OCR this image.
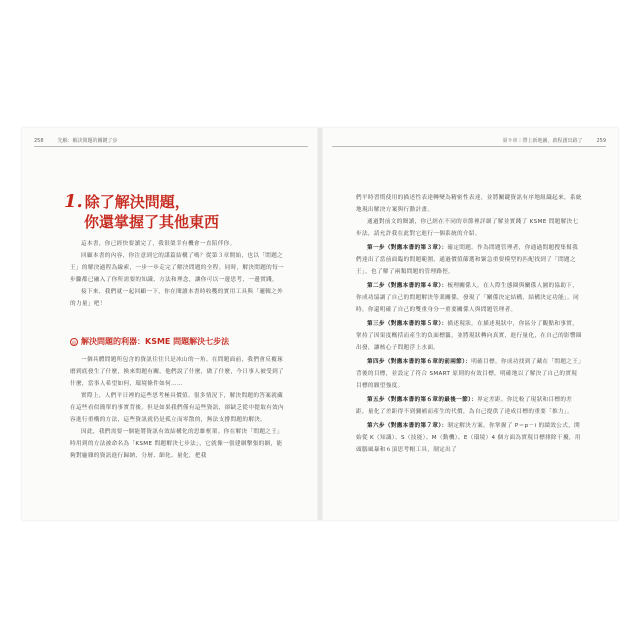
258	先解：解決問題的關鍵了步
1. 除了解決問題，
你還掌握了其他東西

這本書，你已經快要讀完了，我很榮幸有機會一直陪伴你。

回顧本書的內容，你注意到它的謀篇結構了嗎？從第３章開始，也以「問題之王」的解決過程為線索，一步一步走完了解決問題的全程。同時，解決問題的每一步驟都已融入了你所需要的知識、方法和理念，讓你可以一邊思考，一邊實踐。

接下來，我們就一起回顧一下，你在閱讀本書時收穫的實用工具與「邏輯之外的力量」吧！

◎ 解決問題的利器：KSME 問題解決七步法

一個具體問題所包含的資訊往往只是冰山的一角。在問題面前，我們會反覆琢磨到底發生了什麼，換來問題有關，他們說了什麼，做了什麼，今日事人被受到了什麼，當事人希望如何，環境條件如何……

實際上，人們平日裡的這些思考極具價值。很多情況下，解決問題的答案就藏在這些看似簡單的事實背後。但是如果我們僅有這些資訊，卻缺乏從中提取有效內容進行重構的方法，這些資訊就仍是孤立而零散的，無法支撐問題的解決。

因此，我們需要一個能將資訊有效結構化的思維框架。你在解決「問題之王」時用到的方法被命名為「KSME 問題解決七步法」，它就像一張建網擊張的網，能夠對龐雜的資訊進行歸納、分層、細化、量化，把我

第９章｜帶上新地圖，啟程創出路了	259

們平時習慣使用的描述性表達轉變為精密性表達，並將關鍵資訊有序地組織起來，系統地現出解決方案與行動計畫。

通過對前文的閱讀，你已經在不同的章節裡詳細了解並實踐了 KSME 問題解決七步法，請允許我在此對它進行一個系統的介紹。

第一步（對應本書的第３章）：確定問題。作為問題管理者，你通過問題搜集幫我們達出了當前面臨的問題範圍，通過價值篩選和緊急重要模型的匹配找到了「問題之王」，也了解了兩類問題的管理路徑。

第二步（對應本書的第４章）：梳理關係人。在人際生態圈與關係人圖的協助下，你成功協調了自己的問題解決等業關係，發現了「關係決定結構，結構決定功能」。同時，你還明確了自己的雙重身分一重要關係人與問題管理者。

第三步（對應本書的第５章）：描述現狀。在描述現狀中，你區分了觀點和事實，掌持了因果度概括而產生的負面標籤，並將現狀轉向真實，進行量化，在自己的影響圈出發，讓核心子問題浮上水面。

第四步（對應本書的第６章的前兩節）：明確目標。你成功找到了藏在「問題之王」背後的目標，並設定了符合 SMART 原則的有效目標，明確地以了解決了自己的實現目標的願望強度。

第五步（對應本書的第６章的最後一節）：界定差距。你比較了現狀和目標的差距，量化了差距得不到彌補而產生的代價，為自己提供了達成目標的重要「推力」。

第六步（對應本書的第７章）：制定解決方案。你掌握了 P＝p－i 的績效公式，開始從 K（知識）、S（技能）、M（動機）、E（環境）4 個方面為實現目標排除干擾，用頭腦風暴和６頂思考帽工具，制定出了
